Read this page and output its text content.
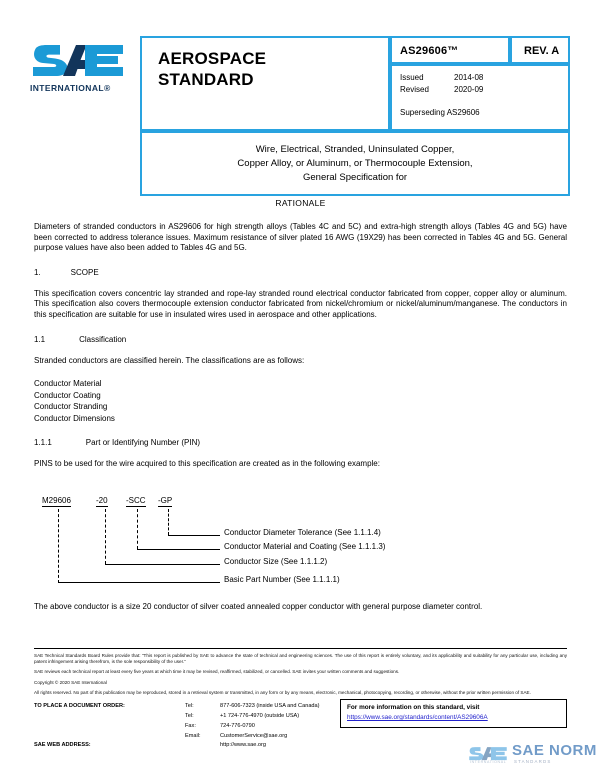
INTERNATIONAL®
AEROSPACE
STANDARD
AS29606™	REV. A
Issued	2014-08
Revised	2020-09
Superseding AS29606
Wire, Electrical, Stranded, Uninsulated Copper,
Copper Alloy, or Aluminum, or Thermocouple Extension,
General Specification for
RATIONALE

Diameters of stranded conductors in AS29606 for high strength alloys (Tables 4C and 5C) and extra-high strength alloys (Tables 4G and 5G) have been corrected to address tolerance issues. Maximum resistance of silver plated 16 AWG (19X29) has been corrected in Tables 4G and 5G. General purpose values have also been added to Tables 4G and 5G.

1.	SCOPE

This specification covers concentric lay stranded and rope-lay stranded round electrical conductor fabricated from copper, copper alloy or aluminum. This specification also covers thermocouple extension conductor fabricated from nickel/chromium or nickel/aluminum/manganese. The conductors in this specification are suitable for use in insulated wires used in aerospace and other applications.

1.1	Classification

Stranded conductors are classified herein. The classifications are as follows:

Conductor Material
Conductor Coating
Conductor Stranding
Conductor Dimensions

1.1.1	Part or Identifying Number (PIN)

PINS to be used for the wire acquired to this specification are created as in the following example:

M29606	-20 -SCC -GP
Conductor Diameter Tolerance (See 1.1.1.4)
Conductor Material and Coating (See 1.1.1.3)
Conductor Size (See 1.1.1.2)
Basic Part Number (See 1.1.1.1)

The above conductor is a size 20 conductor of silver coated annealed copper conductor with general purpose diameter control.

SAE Technical Standards Board Rules provide that: “This report is published by SAE to advance the state of technical and engineering sciences. The use of this report is entirely voluntary, and its applicability and suitability for any particular use, including any patent infringement arising therefrom, is the sole responsibility of the user.”

SAE reviews each technical report at least every five years at which time it may be revised, reaffirmed, stabilized, or cancelled. SAE invites your written comments and suggestions.

Copyright © 2020 SAE International

All rights reserved. No part of this publication may be reproduced, stored in a retrieval system or transmitted, in any form or by any means, electronic, mechanical, photocopying, recording, or otherwise, without the prior written permission of SAE.

TO PLACE A DOCUMENT ORDER:
SAE WEB ADDRESS:
Tel:	877-606-7323 (inside USA and Canada)
Tel:	+1 724-776-4970 (outside USA)
Fax:	724-776-0790
Email:	CustomerService@sae.org
http://www.sae.org
For more information on this standard, visit
https://www.sae.org/standards/content/AS29606A
SAE NORM
STANDARDS
INTERNATIONAL
